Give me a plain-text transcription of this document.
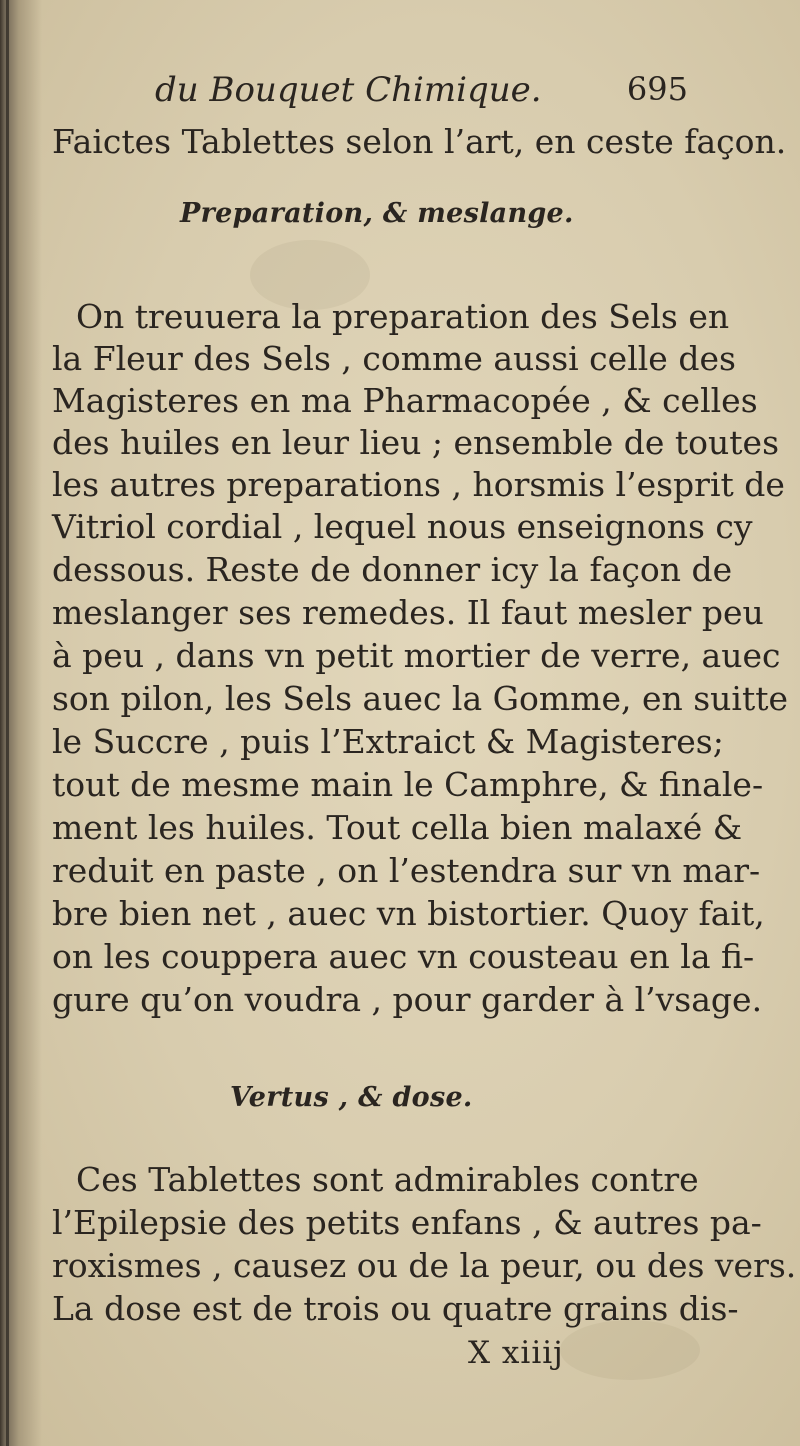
du Bouquet Chimique.	695
Faictes Tablettes selon l’art, en ceste façon.
Preparation, & meslange.
On treuuera la preparation des Sels en
la Fleur des Sels , comme aussi celle des
Magisteres en ma Pharmacopée , & celles
des huiles en leur lieu ; ensemble de toutes
les autres preparations , horsmis l’esprit de
Vitriol cordial , lequel nous enseignons cy
dessous. Reste de donner icy la façon de
meslanger ses remedes. Il faut mesler peu
à peu , dans vn petit mortier de verre, auec
son pilon, les Sels auec la Gomme, en suitte
le Succre , puis l’Extraict & Magisteres;
tout de mesme main le Camphre, & finale-
ment les huiles. Tout cella bien malaxé &
reduit en paste , on l’estendra sur vn mar-
bre bien net , auec vn bistortier. Quoy fait,
on les couppera auec vn cousteau en la fi-
gure qu’on voudra , pour garder à l’vsage.
Vertus , & dose.
Ces Tablettes sont admirables contre
l’Epilepsie des petits enfans , & autres pa-
roxismes , causez ou de la peur, ou des vers.
La dose est de trois ou quatre grains dis-
X xiiij
